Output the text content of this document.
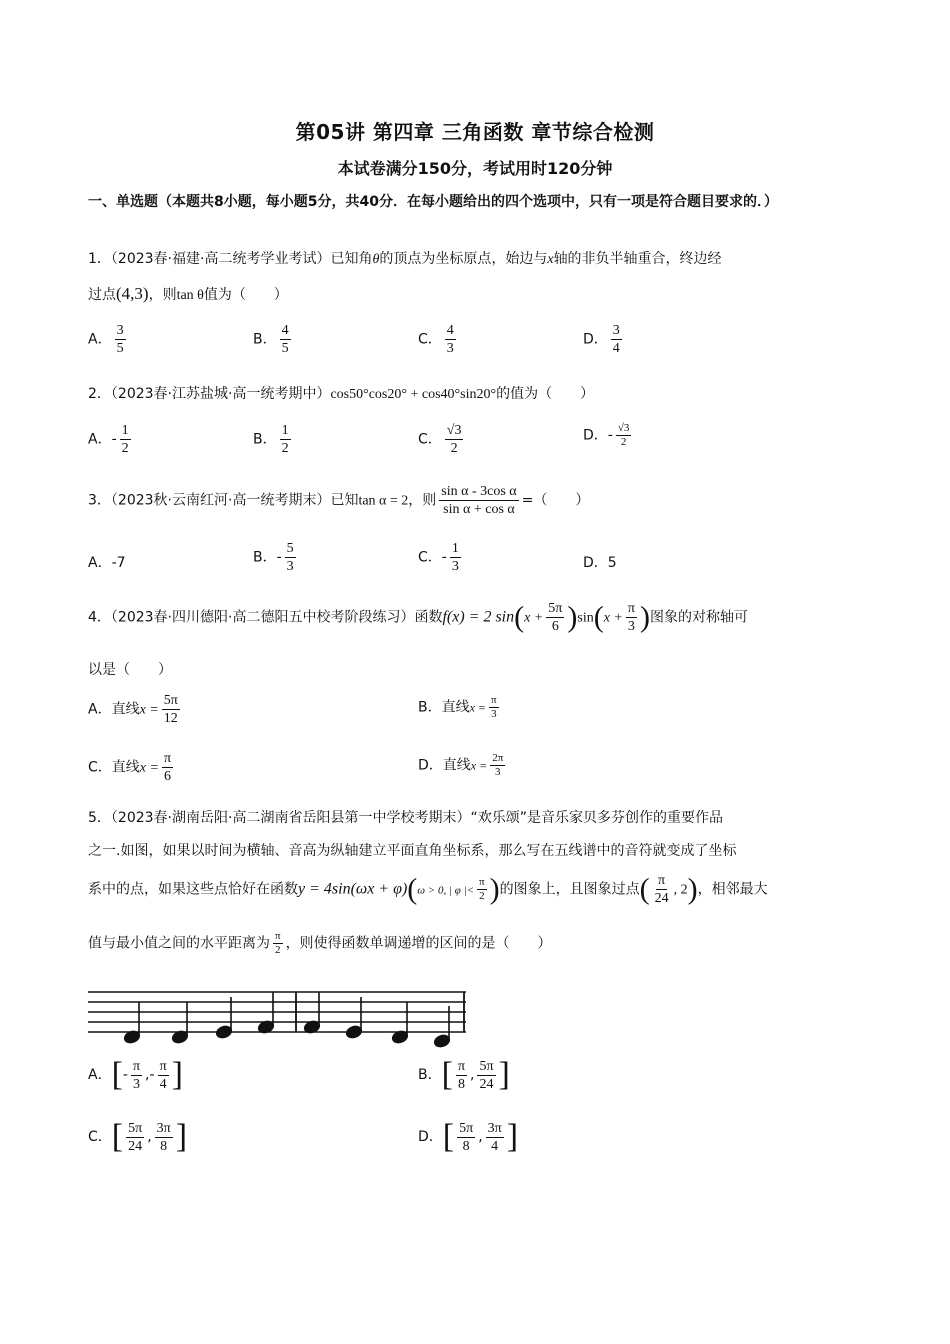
第05讲 第四章 三角函数 章节综合检测
本试卷满分150分，考试用时120分钟
一、单选题（本题共8小题，每小题5分，共40分．在每小题给出的四个选项中，只有一项是符合题目要求的．）
1．（2023春·福建·高二统考学业考试）已知角θ的顶点为坐标原点，始边与x轴的非负半轴重合，终边经
过点(4,3)，则tan θ值为（　　）
A． $\frac{3}{5}$	B． $\frac{4}{5}$	C． $\frac{4}{3}$	D． $\frac{3}{4}$
2．（2023春·江苏盐城·高一统考期中）cos50°cos20° + cos40°sin20°的值为（　　）
A．- $\frac{1}{2}$	B． $\frac{1}{2}$	C． $\frac{√3}{2}$	D．- $\frac{√3}{2}$
3．（2023秋·云南红河·高一统考期末）已知tan α = 2，则 $\frac{\text{sin α - 3cos α}}{\text{sin α + cos α}}$ =（　　）
A．-7	B．- $\frac{5}{3}$	C．- $\frac{1}{3}$	D．5
4．（2023春·四川德阳·高二德阳五中校考阶段练习）函数f(x) = 2 $\sin(x + \frac{5\pi}{6} )\sin(x + \frac{\pi}{3}$ )图象的对称轴可
以是（　　）
A．直线$x = \frac{5\pi}{12}$	B．直线$x = \frac{\pi}{3}$
C．直线$x = \frac{\pi}{6}$	D．直线$x = \frac{2\pi}{3}$
5．（2023春·湖南岳阳·高二湖南省岳阳县第一中学校考期末）“欢乐颂”是音乐家贝多芬创作的重要作品
之一.如图，如果以时间为横轴、音高为纵轴建立平面直角坐标系，那么写在五线谱中的音符就变成了坐标
系中的点，如果这些点恰好在函数y = 4sin(ωx + φ)(ω > 0, | φ |< $\frac{\pi}{2}$ )的图象上，且图象过点( $\frac{\pi}{24}$ , 2)，相邻最大
值与最小值之间的水平距离为 $\frac{\pi}{2}$ ，则使得函数单调递增的区间的是（　　）
A．[- $\frac{\pi}{3}$ ,- $\frac{\pi}{4}$ ]	B．[ $\frac{\pi}{8}$ , $\frac{5\pi}{24}$ ]
C．[ $\frac{5\pi}{24}$ , $\frac{3\pi}{8}$ ]	D．[ $\frac{5\pi}{8}$ , $\frac{3\pi}{4}$ ]
